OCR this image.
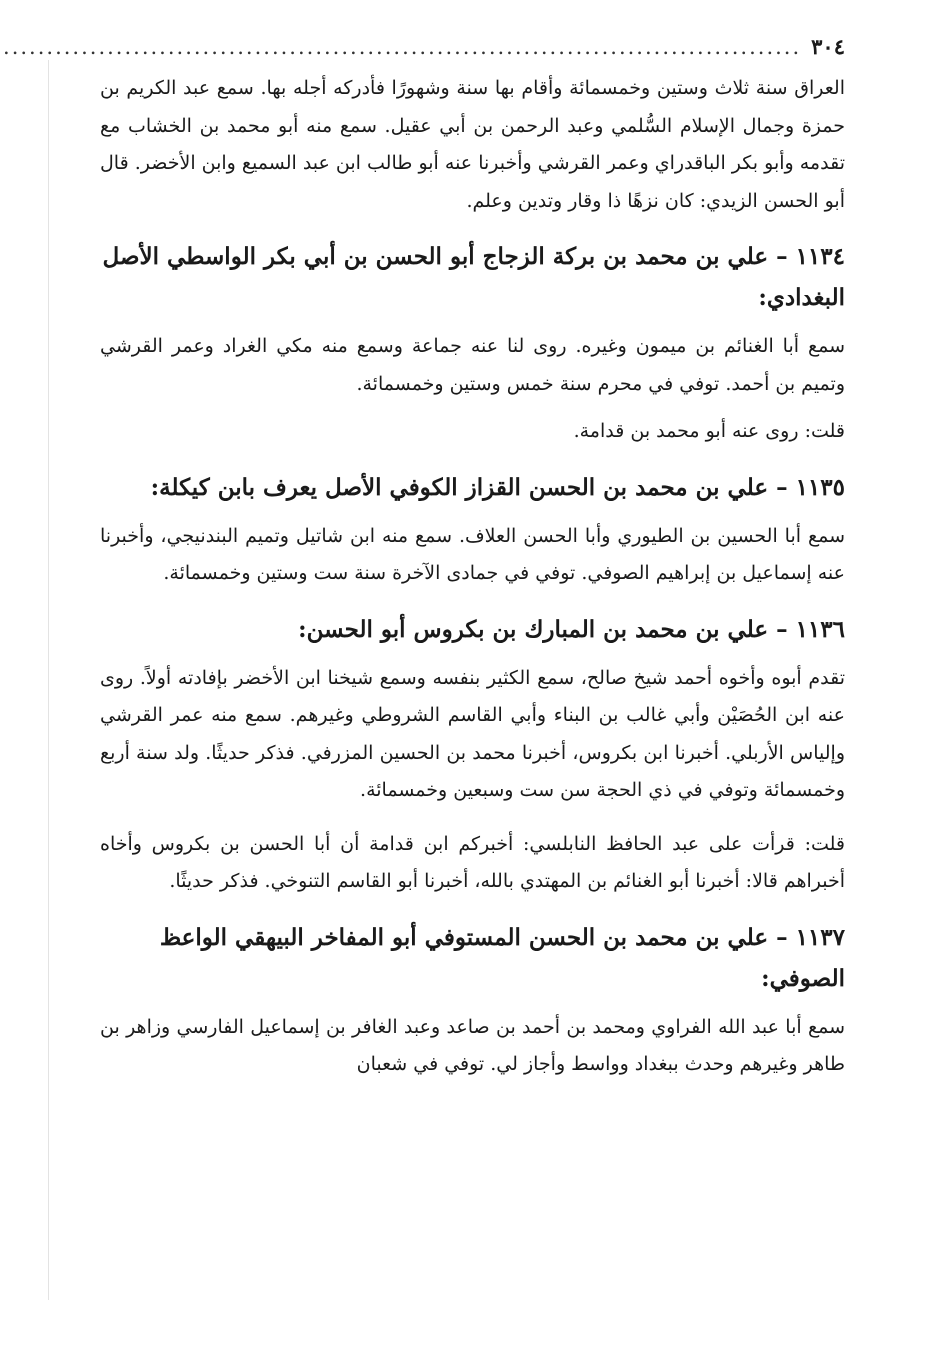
٣٠٤
............................................................................................

العراق سنة ثلاث وستين وخمسمائة وأقام بها سنة وشهورًا فأدركه أجله بها. سمع عبد الكريم بن حمزة وجمال الإسلام السُّلمي وعبد الرحمن بن أبي عقيل. سمع منه أبو محمد بن الخشاب مع تقدمه وأبو بكر الباقدراي وعمر القرشي وأخبرنا عنه أبو طالب ابن عبد السميع وابن الأخضر. قال أبو الحسن الزيدي: كان نزهًا ذا وقار وتدين وعلم.

١١٣٤ – علي بن محمد بن بركة الزجاج أبو الحسن بن أبي بكر الواسطي الأصل البغدادي:

سمع أبا الغنائم بن ميمون وغيره. روى لنا عنه جماعة وسمع منه مكي الغراد وعمر القرشي وتميم بن أحمد. توفي في محرم سنة خمس وستين وخمسمائة.

قلت: روى عنه أبو محمد بن قدامة.

١١٣٥ – علي بن محمد بن الحسن القزاز الكوفي الأصل يعرف بابن كيكلة:

سمع أبا الحسين بن الطيوري وأبا الحسن العلاف. سمع منه ابن شاتيل وتميم البندنيجي، وأخبرنا عنه إسماعيل بن إبراهيم الصوفي. توفي في جمادى الآخرة سنة ست وستين وخمسمائة.

١١٣٦ – علي بن محمد بن المبارك بن بكروس أبو الحسن:

تقدم أبوه وأخوه أحمد شيخ صالح، سمع الكثير بنفسه وسمع شيخنا ابن الأخضر بإفادته أولاً. روى عنه ابن الحُصَيْن وأبي غالب بن البناء وأبي القاسم الشروطي وغيرهم. سمع منه عمر القرشي وإلياس الأربلي. أخبرنا ابن بكروس، أخبرنا محمد بن الحسين المزرفي. فذكر حديثًا. ولد سنة أربع وخمسمائة وتوفي في ذي الحجة سن ست وسبعين وخمسمائة.

قلت: قرأت على عبد الحافظ النابلسي: أخبركم ابن قدامة أن أبا الحسن بن بكروس وأخاه أخبراهم قالا: أخبرنا أبو الغنائم بن المهتدي بالله، أخبرنا أبو القاسم التنوخي. فذكر حديثًا.

١١٣٧ – علي بن محمد بن الحسن المستوفي أبو المفاخر البيهقي الواعظ الصوفي:

سمع أبا عبد الله الفراوي ومحمد بن أحمد بن صاعد وعبد الغافر بن إسماعيل الفارسي وزاهر بن طاهر وغيرهم وحدث ببغداد وواسط وأجاز لي. توفي في شعبان
